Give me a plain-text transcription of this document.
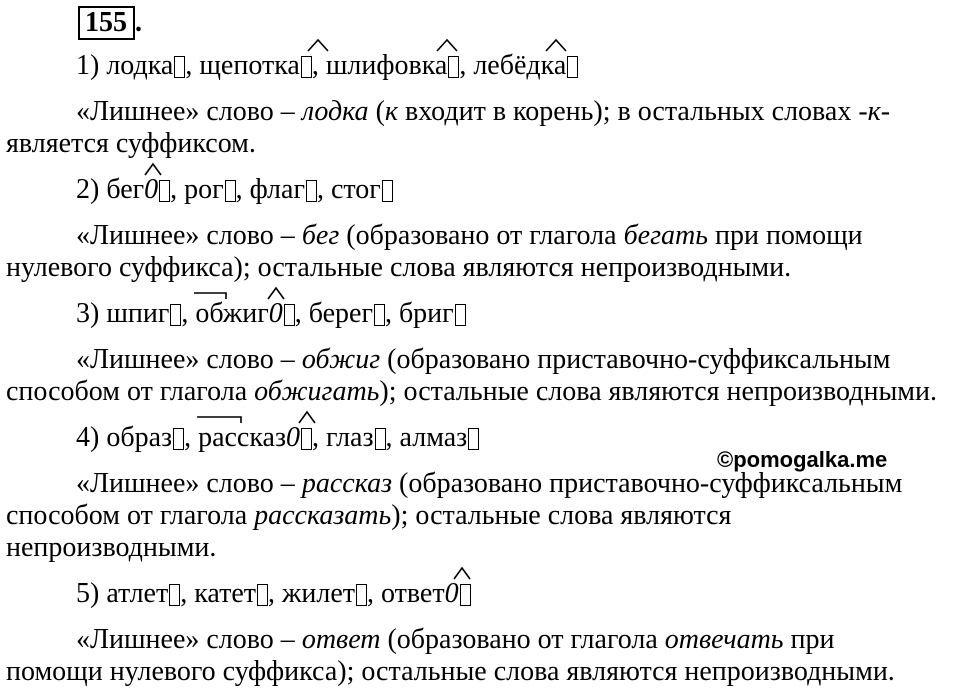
155 .
1) лодка , щепотка , шлифовка , лебёдка
«Лишнее» слово – лодка (к входит в корень); в остальных словах -к-
является суффиксом.
2) бег0 , рог , флаг , стог
«Лишнее» слово – бег (образовано от глагола бегать при помощи
нулевого суффикса); остальные слова являются непроизводными.
3) шпиг , обжиг0 , берег, бриг
«Лишнее» слово – обжиг (образовано приставочно-суффиксальным
способом от глагола обжигать); остальные слова являются непроизводными.
4) образ , рассказ0 , глаз , алмаз
©pomogalka.me
«Лишнее» слово – рассказ (образовано приставочно-суффиксальным
способом от глагола рассказать); остальные слова являются
непроизводными.
5) атлет , катет , жилет , ответ0
«Лишнее» слово – ответ (образовано от глагола отвечать при
помощи нулевого суффикса); остальные слова являются непроизводными.
